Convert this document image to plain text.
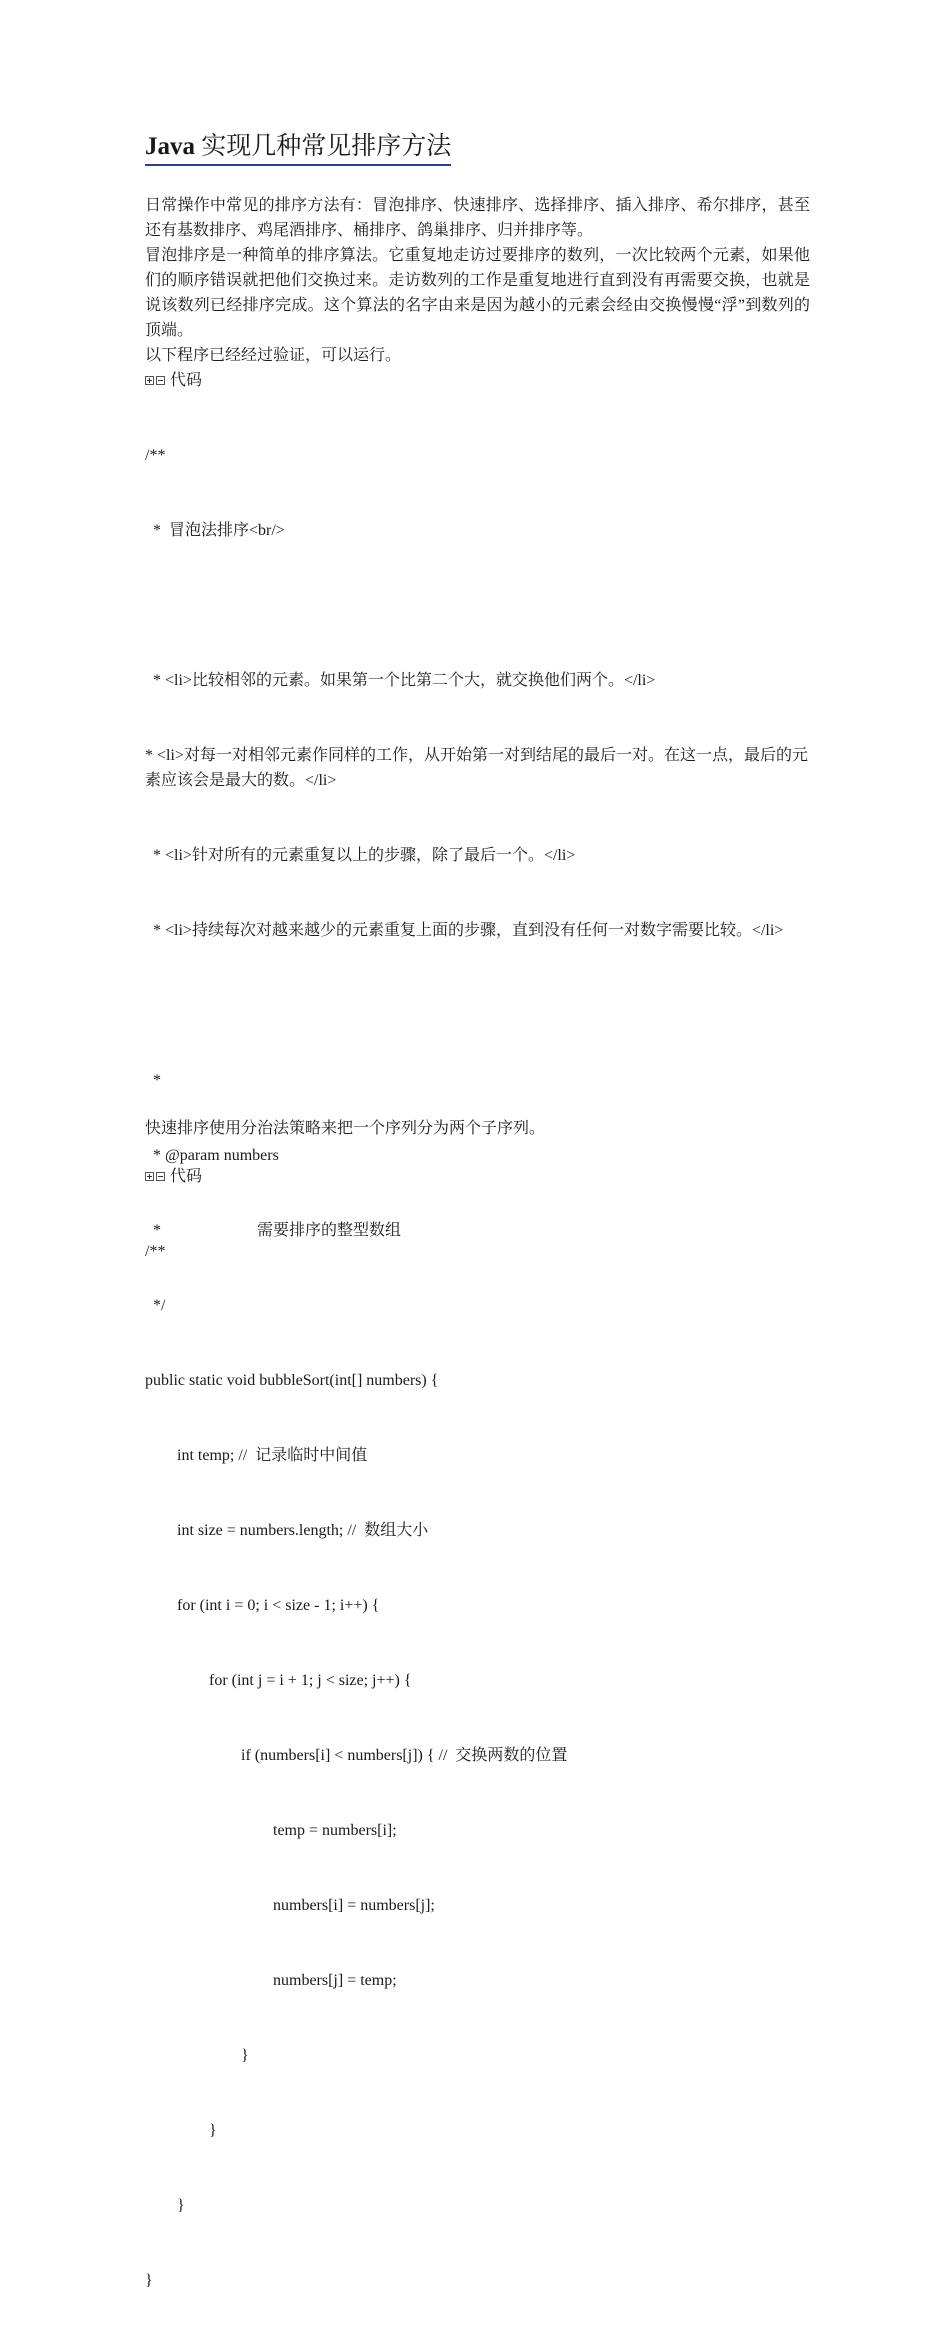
Java 实现几种常见排序方法

日常操作中常见的排序方法有：冒泡排序、快速排序、选择排序、插入排序、希尔排序，甚至还有基数排序、鸡尾酒排序、桶排序、鸽巢排序、归并排序等。

冒泡排序是一种简单的排序算法。它重复地走访过要排序的数列，一次比较两个元素，如果他们的顺序错误就把他们交换过来。走访数列的工作是重复地进行直到没有再需要交换，也就是说该数列已经排序完成。这个算法的名字由来是因为越小的元素会经由交换慢慢“浮”到数列的顶端。

以下程序已经经过验证，可以运行。

代码

/**

*  冒泡法排序<br/>

* <li>比较相邻的元素。如果第一个比第二个大，就交换他们两个。</li>

* <li>对每一对相邻元素作同样的工作，从开始第一对到结尾的最后一对。在这一点，最后的元素应该会是最大的数。</li>

* <li>针对所有的元素重复以上的步骤，除了最后一个。</li>

* <li>持续每次对越来越少的元素重复上面的步骤，直到没有任何一对数字需要比较。</li>

*

* @param numbers

*                        需要排序的整型数组

*/

public static void bubbleSort(int[] numbers) {

int temp; //  记录临时中间值

int size = numbers.length; //  数组大小

for (int i = 0; i < size - 1; i++) {

for (int j = i + 1; j < size; j++) {

if (numbers[i] < numbers[j]) { //  交换两数的位置

temp = numbers[i];

numbers[i] = numbers[j];

numbers[j] = temp;

}

}

}

}

快速排序使用分治法策略来把一个序列分为两个子序列。

代码

/**
